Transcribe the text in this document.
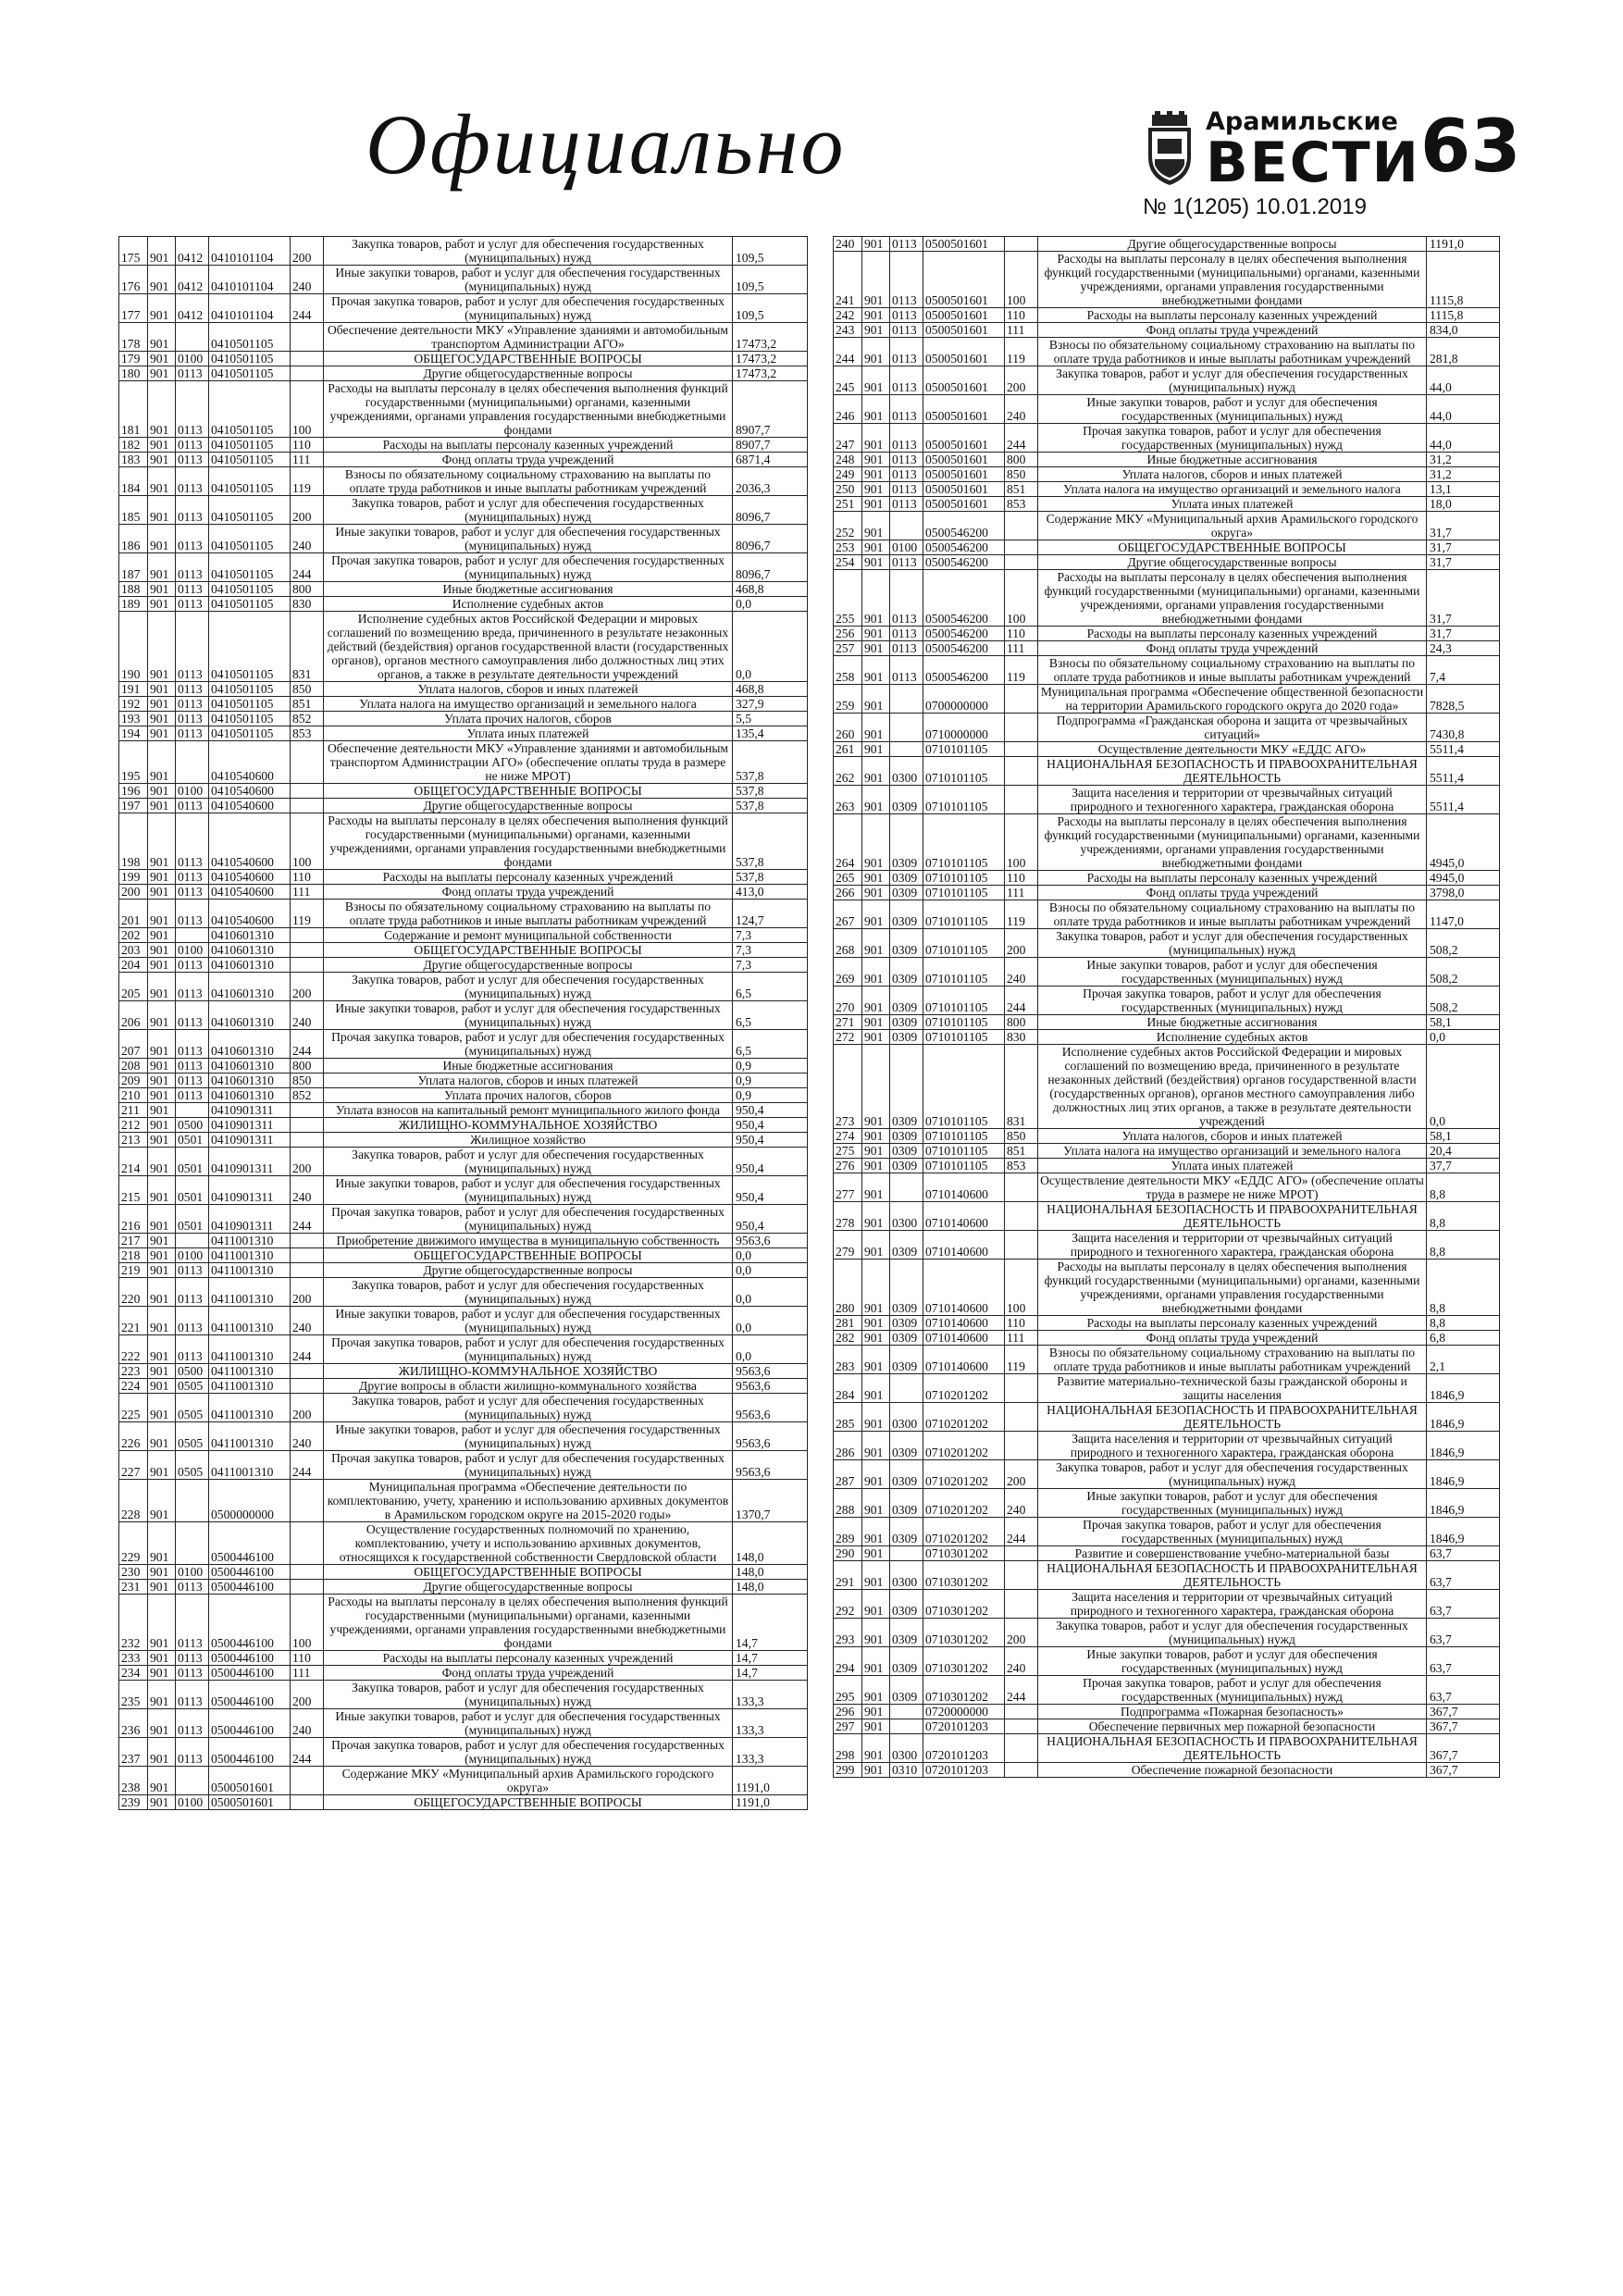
Официально	Арамильские
ВЕСТИ 63
№ 1(1205) 10.01.2019
175	901	0412	0410101104	200	Закупка товаров, работ и услуг для обеспечения государственных (муниципальных) нужд	109,5
176	901	0412	0410101104	240	Иные закупки товаров, работ и услуг для обеспечения государственных (муниципальных) нужд	109,5
177	901	0412	0410101104	244	Прочая закупка товаров, работ и услуг для обеспечения государственных (муниципальных) нужд	109,5
178	901		0410501105		Обеспечение деятельности МКУ «Управление зданиями и автомобильным транспортом Администрации АГО»	17473,2
179	901	0100	0410501105		ОБЩЕГОСУДАРСТВЕННЫЕ ВОПРОСЫ	17473,2
180	901	0113	0410501105		Другие общегосударственные вопросы	17473,2
181	901	0113	0410501105	100	Расходы на выплаты персоналу в целях обеспечения выполнения функций государственными (муниципальными) органами, казенными учреждениями, органами управления государственными внебюджетными фондами	8907,7
182	901	0113	0410501105	110	Расходы на выплаты персоналу казенных учреждений	8907,7
183	901	0113	0410501105	111	Фонд оплаты труда учреждений	6871,4
184	901	0113	0410501105	119	Взносы по обязательному социальному страхованию на выплаты по оплате труда работников и иные выплаты работникам учреждений	2036,3
185	901	0113	0410501105	200	Закупка товаров, работ и услуг для обеспечения государственных (муниципальных) нужд	8096,7
186	901	0113	0410501105	240	Иные закупки товаров, работ и услуг для обеспечения государственных (муниципальных) нужд	8096,7
187	901	0113	0410501105	244	Прочая закупка товаров, работ и услуг для обеспечения государственных (муниципальных) нужд	8096,7
188	901	0113	0410501105	800	Иные бюджетные ассигнования	468,8
189	901	0113	0410501105	830	Исполнение судебных актов	0,0
190	901	0113	0410501105	831	Исполнение судебных актов Российской Федерации и мировых соглашений по возмещению вреда, причиненного в результате незаконных действий (бездействия) органов государственной власти (государственных органов), органов местного самоуправления либо должностных лиц этих органов, а также в результате деятельности учреждений	0,0
191	901	0113	0410501105	850	Уплата налогов, сборов и иных платежей	468,8
192	901	0113	0410501105	851	Уплата налога на имущество организаций и земельного налога	327,9
193	901	0113	0410501105	852	Уплата прочих налогов, сборов	5,5
194	901	0113	0410501105	853	Уплата иных платежей	135,4
195	901		0410540600		Обеспечение деятельности МКУ «Управление зданиями и автомобильным транспортом Администрации АГО» (обеспечение оплаты труда в размере не ниже МРОТ)	537,8
196	901	0100	0410540600		ОБЩЕГОСУДАРСТВЕННЫЕ ВОПРОСЫ	537,8
197	901	0113	0410540600		Другие общегосударственные вопросы	537,8
198	901	0113	0410540600	100	Расходы на выплаты персоналу в целях обеспечения выполнения функций государственными (муниципальными) органами, казенными учреждениями, органами управления государственными внебюджетными фондами	537,8
199	901	0113	0410540600	110	Расходы на выплаты персоналу казенных учреждений	537,8
200	901	0113	0410540600	111	Фонд оплаты труда учреждений	413,0
201	901	0113	0410540600	119	Взносы по обязательному социальному страхованию на выплаты по оплате труда работников и иные выплаты работникам учреждений	124,7
202	901		0410601310		Содержание и ремонт муниципальной собственности	7,3
203	901	0100	0410601310		ОБЩЕГОСУДАРСТВЕННЫЕ ВОПРОСЫ	7,3
204	901	0113	0410601310		Другие общегосударственные вопросы	7,3
205	901	0113	0410601310	200	Закупка товаров, работ и услуг для обеспечения государственных (муниципальных) нужд	6,5
206	901	0113	0410601310	240	Иные закупки товаров, работ и услуг для обеспечения государственных (муниципальных) нужд	6,5
207	901	0113	0410601310	244	Прочая закупка товаров, работ и услуг для обеспечения государственных (муниципальных) нужд	6,5
208	901	0113	0410601310	800	Иные бюджетные ассигнования	0,9
209	901	0113	0410601310	850	Уплата налогов, сборов и иных платежей	0,9
210	901	0113	0410601310	852	Уплата прочих налогов, сборов	0,9
211	901		0410901311		Уплата взносов на капитальный ремонт муниципального жилого фонда	950,4
212	901	0500	0410901311		ЖИЛИЩНО-КОММУНАЛЬНОЕ ХОЗЯЙСТВО	950,4
213	901	0501	0410901311		Жилищное хозяйство	950,4
214	901	0501	0410901311	200	Закупка товаров, работ и услуг для обеспечения государственных (муниципальных) нужд	950,4
215	901	0501	0410901311	240	Иные закупки товаров, работ и услуг для обеспечения государственных (муниципальных) нужд	950,4
216	901	0501	0410901311	244	Прочая закупка товаров, работ и услуг для обеспечения государственных (муниципальных) нужд	950,4
217	901		0411001310		Приобретение движимого имущества в муниципальную собственность	9563,6
218	901	0100	0411001310		ОБЩЕГОСУДАРСТВЕННЫЕ ВОПРОСЫ	0,0
219	901	0113	0411001310		Другие общегосударственные вопросы	0,0
220	901	0113	0411001310	200	Закупка товаров, работ и услуг для обеспечения государственных (муниципальных) нужд	0,0
221	901	0113	0411001310	240	Иные закупки товаров, работ и услуг для обеспечения государственных (муниципальных) нужд	0,0
222	901	0113	0411001310	244	Прочая закупка товаров, работ и услуг для обеспечения государственных (муниципальных) нужд	0,0
223	901	0500	0411001310		ЖИЛИЩНО-КОММУНАЛЬНОЕ ХОЗЯЙСТВО	9563,6
224	901	0505	0411001310		Другие вопросы в области жилищно-коммунального хозяйства	9563,6
225	901	0505	0411001310	200	Закупка товаров, работ и услуг для обеспечения государственных (муниципальных) нужд	9563,6
226	901	0505	0411001310	240	Иные закупки товаров, работ и услуг для обеспечения государственных (муниципальных) нужд	9563,6
227	901	0505	0411001310	244	Прочая закупка товаров, работ и услуг для обеспечения государственных (муниципальных) нужд	9563,6
228	901		0500000000		Муниципальная программа «Обеспечение деятельности по комплектованию, учету, хранению и использованию архивных документов в Арамильском городском округе на 2015-2020 годы»	1370,7
229	901		0500446100		Осуществление государственных полномочий по хранению, комплектованию, учету и использованию архивных документов, относящихся к государственной собственности Свердловской области	148,0
230	901	0100	0500446100		ОБЩЕГОСУДАРСТВЕННЫЕ ВОПРОСЫ	148,0
231	901	0113	0500446100		Другие общегосударственные вопросы	148,0
232	901	0113	0500446100	100	Расходы на выплаты персоналу в целях обеспечения выполнения функций государственными (муниципальными) органами, казенными учреждениями, органами управления государственными внебюджетными фондами	14,7
233	901	0113	0500446100	110	Расходы на выплаты персоналу казенных учреждений	14,7
234	901	0113	0500446100	111	Фонд оплаты труда учреждений	14,7
235	901	0113	0500446100	200	Закупка товаров, работ и услуг для обеспечения государственных (муниципальных) нужд	133,3
236	901	0113	0500446100	240	Иные закупки товаров, работ и услуг для обеспечения государственных (муниципальных) нужд	133,3
237	901	0113	0500446100	244	Прочая закупка товаров, работ и услуг для обеспечения государственных (муниципальных) нужд	133,3
238	901		0500501601		Содержание МКУ «Муниципальный архив Арамильского городского округа»	1191,0
239	901	0100	0500501601		ОБЩЕГОСУДАРСТВЕННЫЕ ВОПРОСЫ	1191,0
240	901	0113	0500501601		Другие общегосударственные вопросы	1191,0
241	901	0113	0500501601	100	Расходы на выплаты персоналу в целях обеспечения выполнения функций государственными (муниципальными) органами, казенными учреждениями, органами управления государственными внебюджетными фондами	1115,8
242	901	0113	0500501601	110	Расходы на выплаты персоналу казенных учреждений	1115,8
243	901	0113	0500501601	111	Фонд оплаты труда учреждений	834,0
244	901	0113	0500501601	119	Взносы по обязательному социальному страхованию на выплаты по оплате труда работников и иные выплаты работникам учреждений	281,8
245	901	0113	0500501601	200	Закупка товаров, работ и услуг для обеспечения государственных (муниципальных) нужд	44,0
246	901	0113	0500501601	240	Иные закупки товаров, работ и услуг для обеспечения государственных (муниципальных) нужд	44,0
247	901	0113	0500501601	244	Прочая закупка товаров, работ и услуг для обеспечения государственных (муниципальных) нужд	44,0
248	901	0113	0500501601	800	Иные бюджетные ассигнования	31,2
249	901	0113	0500501601	850	Уплата налогов, сборов и иных платежей	31,2
250	901	0113	0500501601	851	Уплата налога на имущество организаций и земельного налога	13,1
251	901	0113	0500501601	853	Уплата иных платежей	18,0
252	901		0500546200		Содержание МКУ «Муниципальный архив Арамильского городского округа»	31,7
253	901	0100	0500546200		ОБЩЕГОСУДАРСТВЕННЫЕ ВОПРОСЫ	31,7
254	901	0113	0500546200		Другие общегосударственные вопросы	31,7
255	901	0113	0500546200	100	Расходы на выплаты персоналу в целях обеспечения выполнения функций государственными (муниципальными) органами, казенными учреждениями, органами управления государственными внебюджетными фондами	31,7
256	901	0113	0500546200	110	Расходы на выплаты персоналу казенных учреждений	31,7
257	901	0113	0500546200	111	Фонд оплаты труда учреждений	24,3
258	901	0113	0500546200	119	Взносы по обязательному социальному страхованию на выплаты по оплате труда работников и иные выплаты работникам учреждений	7,4
259	901		0700000000		Муниципальная программа «Обеспечение общественной безопасности на территории Арамильского городского округа до 2020 года»	7828,5
260	901		0710000000		Подпрограмма «Гражданская оборона и защита от чрезвычайных ситуаций»	7430,8
261	901		0710101105		Осуществление деятельности МКУ «ЕДДС АГО»	5511,4
262	901	0300	0710101105		НАЦИОНАЛЬНАЯ БЕЗОПАСНОСТЬ И ПРАВООХРАНИТЕЛЬНАЯ ДЕЯТЕЛЬНОСТЬ	5511,4
263	901	0309	0710101105		Защита населения и территории от чрезвычайных ситуаций природного и техногенного характера, гражданская оборона	5511,4
264	901	0309	0710101105	100	Расходы на выплаты персоналу в целях обеспечения выполнения функций государственными (муниципальными) органами, казенными учреждениями, органами управления государственными внебюджетными фондами	4945,0
265	901	0309	0710101105	110	Расходы на выплаты персоналу казенных учреждений	4945,0
266	901	0309	0710101105	111	Фонд оплаты труда учреждений	3798,0
267	901	0309	0710101105	119	Взносы по обязательному социальному страхованию на выплаты по оплате труда работников и иные выплаты работникам учреждений	1147,0
268	901	0309	0710101105	200	Закупка товаров, работ и услуг для обеспечения государственных (муниципальных) нужд	508,2
269	901	0309	0710101105	240	Иные закупки товаров, работ и услуг для обеспечения государственных (муниципальных) нужд	508,2
270	901	0309	0710101105	244	Прочая закупка товаров, работ и услуг для обеспечения государственных (муниципальных) нужд	508,2
271	901	0309	0710101105	800	Иные бюджетные ассигнования	58,1
272	901	0309	0710101105	830	Исполнение судебных актов	0,0
273	901	0309	0710101105	831	Исполнение судебных актов Российской Федерации и мировых соглашений по возмещению вреда, причиненного в результате незаконных действий (бездействия) органов государственной власти (государственных органов), органов местного самоуправления либо должностных лиц этих органов, а также в результате деятельности учреждений	0,0
274	901	0309	0710101105	850	Уплата налогов, сборов и иных платежей	58,1
275	901	0309	0710101105	851	Уплата налога на имущество организаций и земельного налога	20,4
276	901	0309	0710101105	853	Уплата иных платежей	37,7
277	901		0710140600		Осуществление деятельности МКУ «ЕДДС АГО» (обеспечение оплаты труда в размере не ниже МРОТ)	8,8
278	901	0300	0710140600		НАЦИОНАЛЬНАЯ БЕЗОПАСНОСТЬ И ПРАВООХРАНИТЕЛЬНАЯ ДЕЯТЕЛЬНОСТЬ	8,8
279	901	0309	0710140600		Защита населения и территории от чрезвычайных ситуаций природного и техногенного характера, гражданская оборона	8,8
280	901	0309	0710140600	100	Расходы на выплаты персоналу в целях обеспечения выполнения функций государственными (муниципальными) органами, казенными учреждениями, органами управления государственными внебюджетными фондами	8,8
281	901	0309	0710140600	110	Расходы на выплаты персоналу казенных учреждений	8,8
282	901	0309	0710140600	111	Фонд оплаты труда учреждений	6,8
283	901	0309	0710140600	119	Взносы по обязательному социальному страхованию на выплаты по оплате труда работников и иные выплаты работникам учреждений	2,1
284	901		0710201202		Развитие материально-технической базы гражданской обороны и защиты населения	1846,9
285	901	0300	0710201202		НАЦИОНАЛЬНАЯ БЕЗОПАСНОСТЬ И ПРАВООХРАНИТЕЛЬНАЯ ДЕЯТЕЛЬНОСТЬ	1846,9
286	901	0309	0710201202		Защита населения и территории от чрезвычайных ситуаций природного и техногенного характера, гражданская оборона	1846,9
287	901	0309	0710201202	200	Закупка товаров, работ и услуг для обеспечения государственных (муниципальных) нужд	1846,9
288	901	0309	0710201202	240	Иные закупки товаров, работ и услуг для обеспечения государственных (муниципальных) нужд	1846,9
289	901	0309	0710201202	244	Прочая закупка товаров, работ и услуг для обеспечения государственных (муниципальных) нужд	1846,9
290	901		0710301202		Развитие и совершенствование учебно-материальной базы	63,7
291	901	0300	0710301202		НАЦИОНАЛЬНАЯ БЕЗОПАСНОСТЬ И ПРАВООХРАНИТЕЛЬНАЯ ДЕЯТЕЛЬНОСТЬ	63,7
292	901	0309	0710301202		Защита населения и территории от чрезвычайных ситуаций природного и техногенного характера, гражданская оборона	63,7
293	901	0309	0710301202	200	Закупка товаров, работ и услуг для обеспечения государственных (муниципальных) нужд	63,7
294	901	0309	0710301202	240	Иные закупки товаров, работ и услуг для обеспечения государственных (муниципальных) нужд	63,7
295	901	0309	0710301202	244	Прочая закупка товаров, работ и услуг для обеспечения государственных (муниципальных) нужд	63,7
296	901		0720000000		Подпрограмма «Пожарная безопасность»	367,7
297	901		0720101203		Обеспечение первичных мер пожарной безопасности	367,7
298	901	0300	0720101203		НАЦИОНАЛЬНАЯ БЕЗОПАСНОСТЬ И ПРАВООХРАНИТЕЛЬНАЯ ДЕЯТЕЛЬНОСТЬ	367,7
299	901	0310	0720101203		Обеспечение пожарной безопасности	367,7
